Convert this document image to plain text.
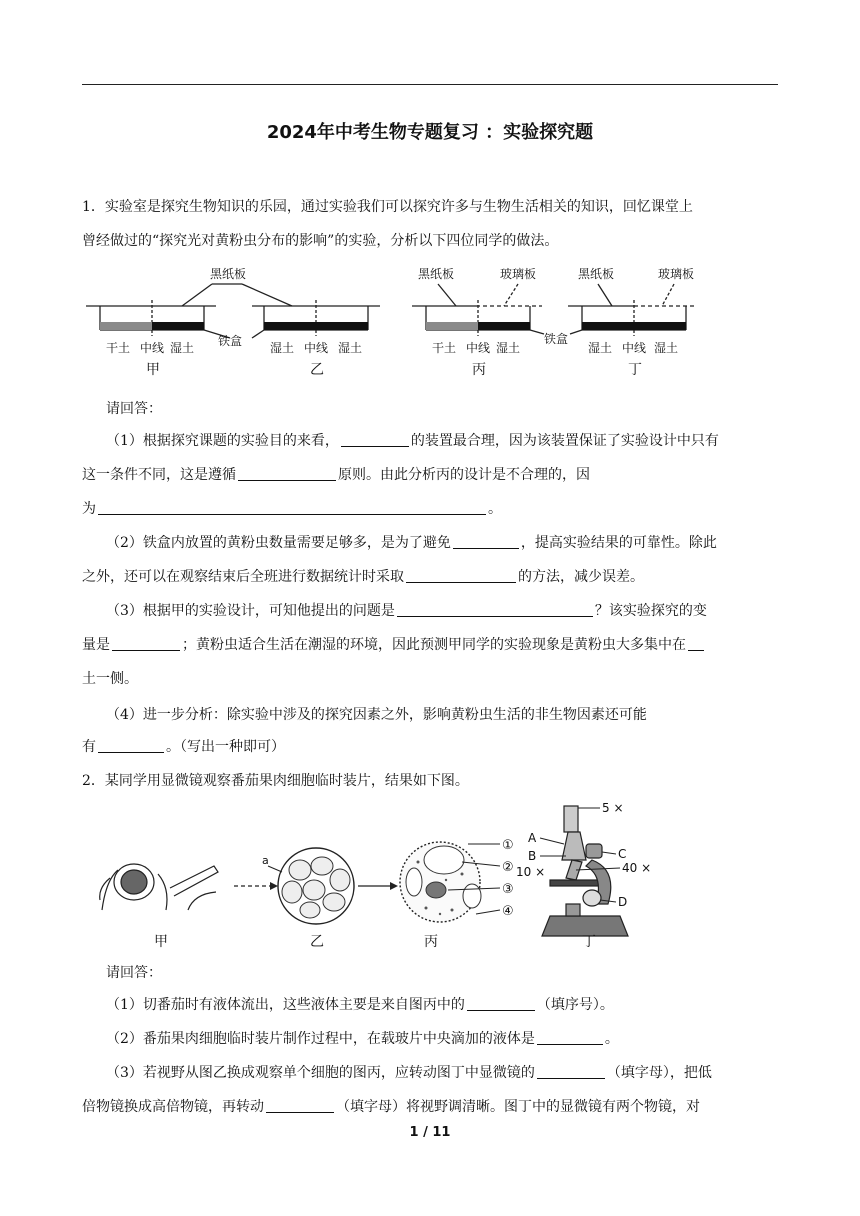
2024年中考生物专题复习 ：实验探究题
1．实验室是探究生物知识的乐园，通过实验我们可以探究许多与生物生活相关的知识，回忆课堂上
曾经做过的“探究光对黄粉虫分布的影响”的实验，分析以下四位同学的做法。
黑纸板
铁盒
干土 中线 湿土	湿土 中线 湿土
黑纸板	玻璃板
铁盒
干土 中线 湿土
黑纸板	玻璃板
湿土 中线 湿土
甲	乙	丙	丁
请回答：
（1）根据探究课题的实验目的来看，	的装置最合理，因为该装置保证了实验设计中只有
这一条件不同，这是遵循	原则。由此分析丙的设计是不合理的，因
为	。
（2）铁盒内放置的黄粉虫数量需要足够多，是为了避免	，提高实验结果的可靠性。除此
之外，还可以在观察结束后全班进行数据统计时采取	的方法，减少误差。
（3）根据甲的实验设计，可知他提出的问题是	？该实验探究的变
量是	；黄粉虫适合生活在潮湿的环境，因此预测甲同学的实验现象是黄粉虫大多集中在
土一侧。
（4）进一步分析：除实验中涉及的探究因素之外，影响黄粉虫生活的非生物因素还可能
有	。（写出一种即可）
2．某同学用显微镜观察番茄果肉细胞临时装片，结果如下图。
a
①
②
③
④
5 ×
A
B
10 ×
C
40 ×
D
甲	乙	丙	丁
请回答：
（1）切番茄时有液体流出，这些液体主要是来自图丙中的	（填序号）。
（2）番茄果肉细胞临时装片制作过程中，在载玻片中央滴加的液体是	。
（3）若视野从图乙换成观察单个细胞的图丙，应转动图丁中显微镜的	（填字母），把低
倍物镜换成高倍物镜，再转动	（填字母）将视野调清晰。图丁中的显微镜有两个物镜，对
1 / 11
